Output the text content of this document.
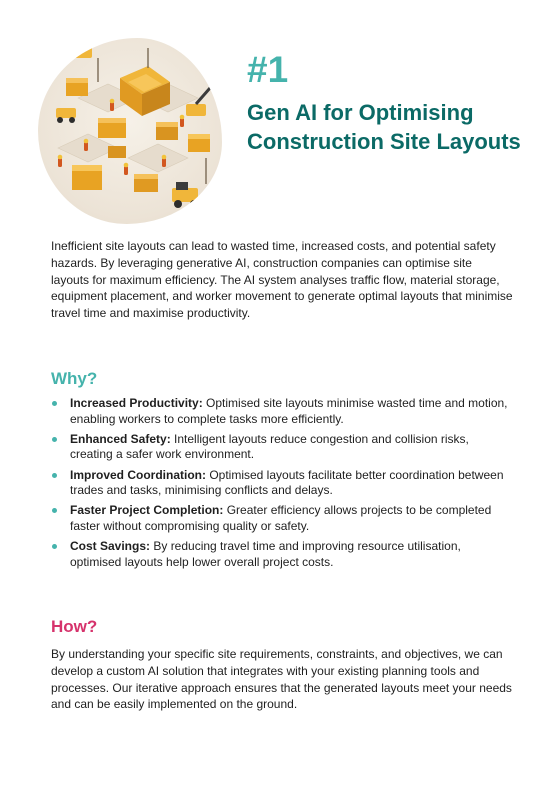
#1

Gen AI for Optimising Construction Site Layouts

Inefficient site layouts can lead to wasted time, increased costs, and potential safety hazards. By leveraging generative AI, construction companies can optimise site layouts for maximum efficiency. The AI system analyses traffic flow, material storage, equipment placement, and worker movement to generate optimal layouts that minimise travel time and maximise productivity.

Why?

Increased Productivity: Optimised site layouts minimise wasted time and motion, enabling workers to complete tasks more efficiently.
Enhanced Safety: Intelligent layouts reduce congestion and collision risks, creating a safer work environment.
Improved Coordination: Optimised layouts facilitate better coordination between trades and tasks, minimising conflicts and delays.
Faster Project Completion: Greater efficiency allows projects to be completed faster without compromising quality or safety.
Cost Savings: By reducing travel time and improving resource utilisation, optimised layouts help lower overall project costs.

How?

By understanding your specific site requirements, constraints, and objectives, we can develop a custom AI solution that integrates with your existing planning tools and processes. Our iterative approach ensures that the generated layouts meet your needs and can be easily implemented on the ground.
